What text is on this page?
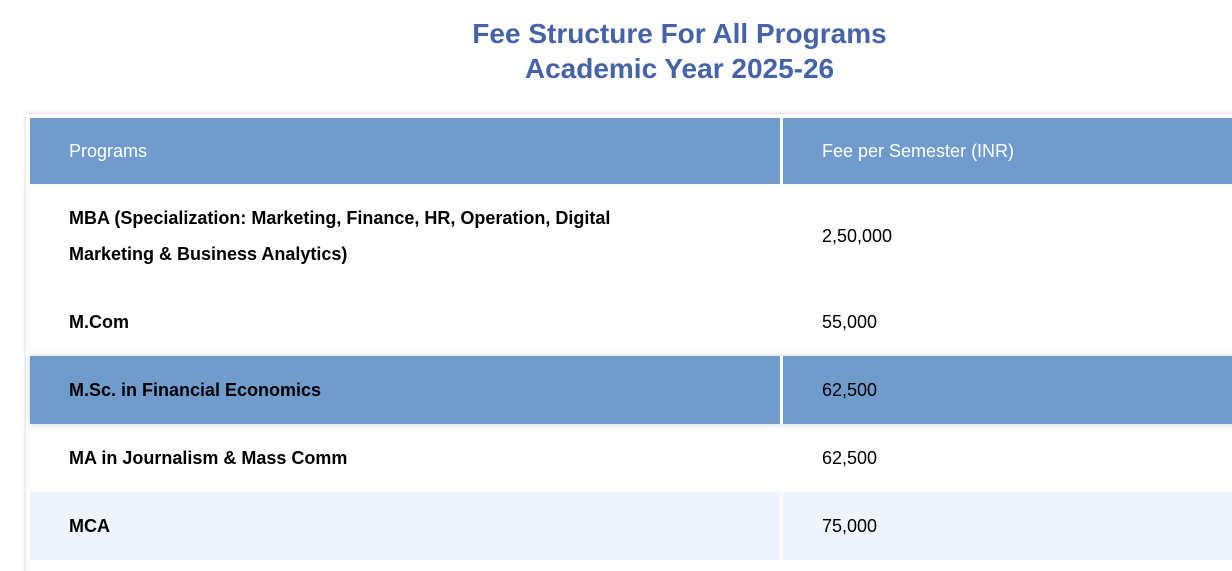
Fee Structure For All Programs
Academic Year 2025-26
Programs	Fee per Semester (INR)
MBA (Specialization: Marketing, Finance, HR, Operation, Digital Marketing & Business Analytics)	2,50,000
M.Com	55,000
M.Sc. in Financial Economics	62,500
MA in Journalism & Mass Comm	62,500
MCA	75,000
